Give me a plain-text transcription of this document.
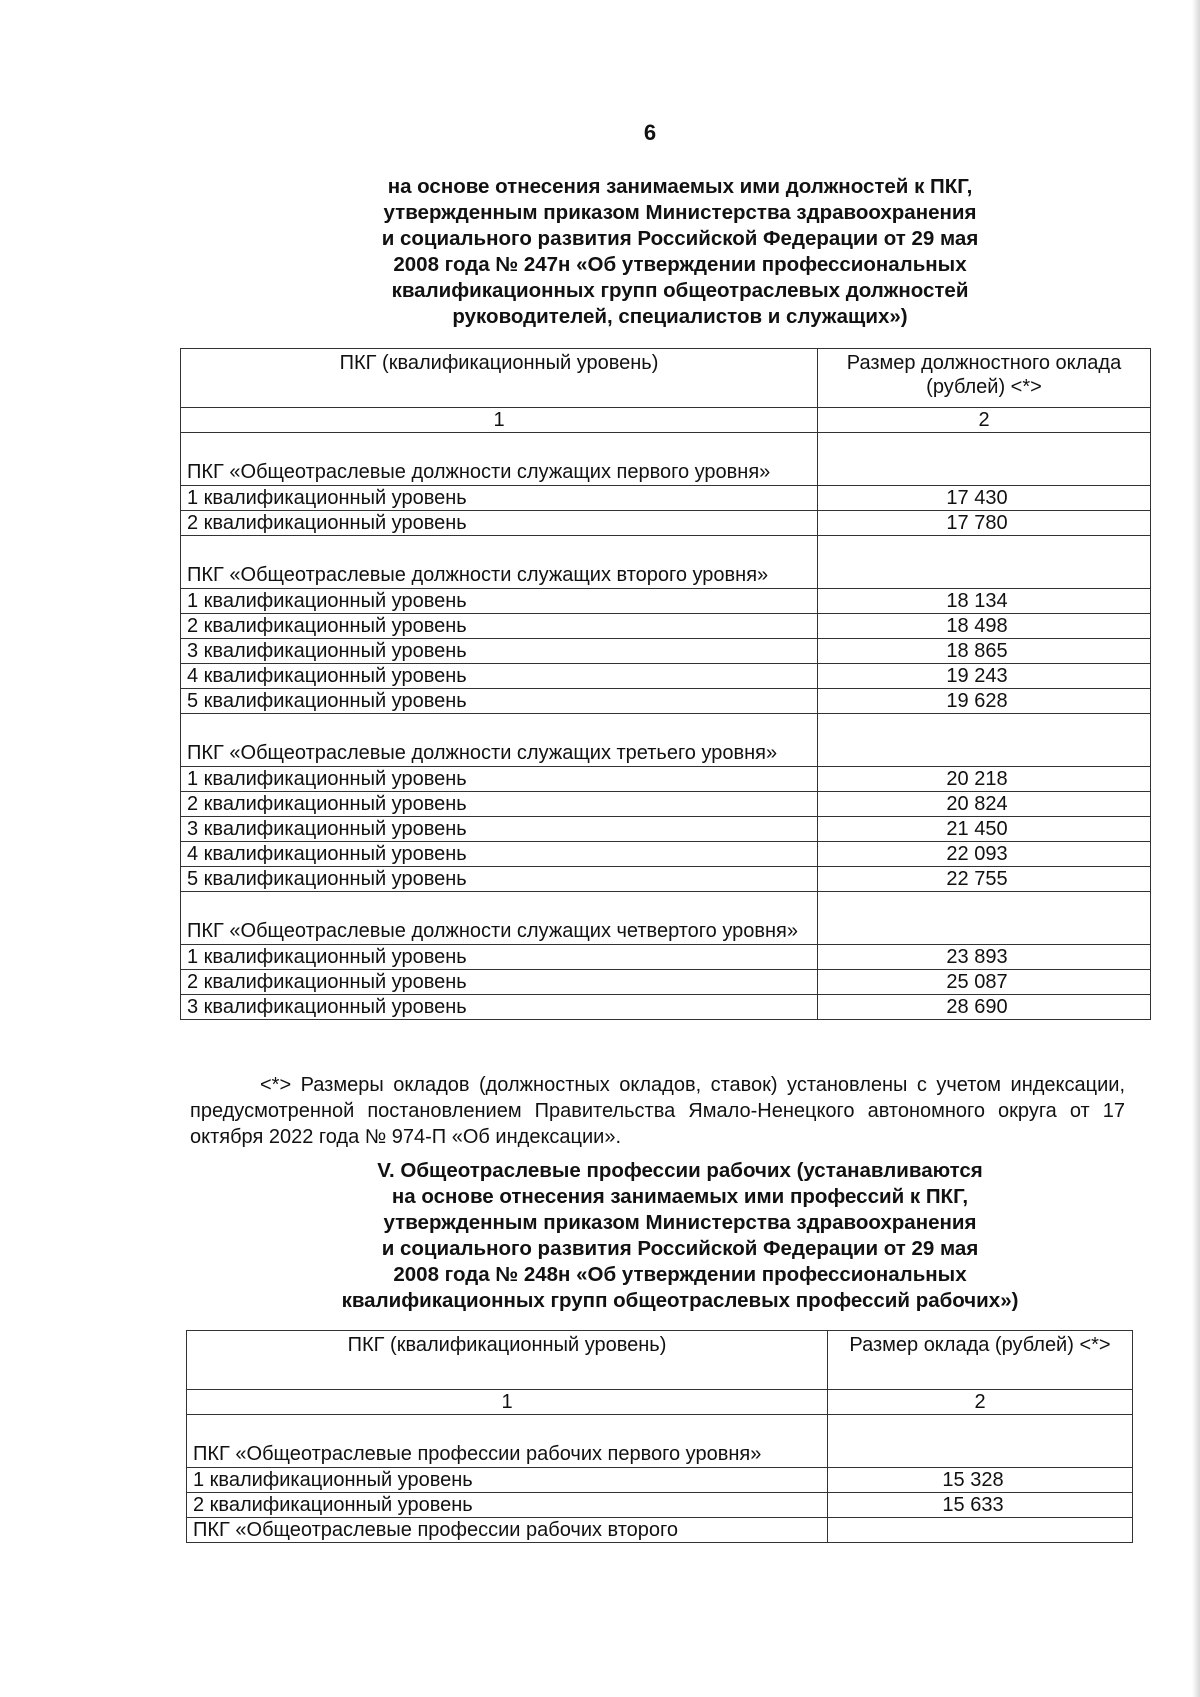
6
на основе отнесения занимаемых ими должностей к ПКГ,
утвержденным приказом Министерства здравоохранения
и социального развития Российской Федерации от 29 мая
2008 года № 247н «Об утверждении профессиональных
квалификационных групп общеотраслевых должностей
руководителей, специалистов и служащих»)
ПКГ (квалификационный уровень)	Размер должностного оклада (рублей) <*>
1	2
ПКГ «Общеотраслевые должности служащих первого уровня»	
1 квалификационный уровень	17 430
2 квалификационный уровень	17 780
ПКГ «Общеотраслевые должности служащих второго уровня»	
1 квалификационный уровень	18 134
2 квалификационный уровень	18 498
3 квалификационный уровень	18 865
4 квалификационный уровень	19 243
5 квалификационный уровень	19 628
ПКГ «Общеотраслевые должности служащих третьего уровня»	
1 квалификационный уровень	20 218
2 квалификационный уровень	20 824
3 квалификационный уровень	21 450
4 квалификационный уровень	22 093
5 квалификационный уровень	22 755
ПКГ «Общеотраслевые должности служащих четвертого уровня»	
1 квалификационный уровень	23 893
2 квалификационный уровень	25 087
3 квалификационный уровень	28 690

<*> Размеры окладов (должностных окладов, ставок) установлены с учетом индексации, предусмотренной постановлением Правительства Ямало-Ненецкого автономного округа от 17 октября 2022 года № 974-П «Об индексации».

V. Общеотраслевые профессии рабочих (устанавливаются
на основе отнесения занимаемых ими профессий к ПКГ,
утвержденным приказом Министерства здравоохранения
и социального развития Российской Федерации от 29 мая
2008 года № 248н «Об утверждении профессиональных
квалификационных групп общеотраслевых профессий рабочих»)
ПКГ (квалификационный уровень)	Размер оклада (рублей) <*>
1	2
ПКГ «Общеотраслевые профессии рабочих первого уровня»	
1 квалификационный уровень	15 328
2 квалификационный уровень	15 633
ПКГ «Общеотраслевые профессии рабочих второго	
